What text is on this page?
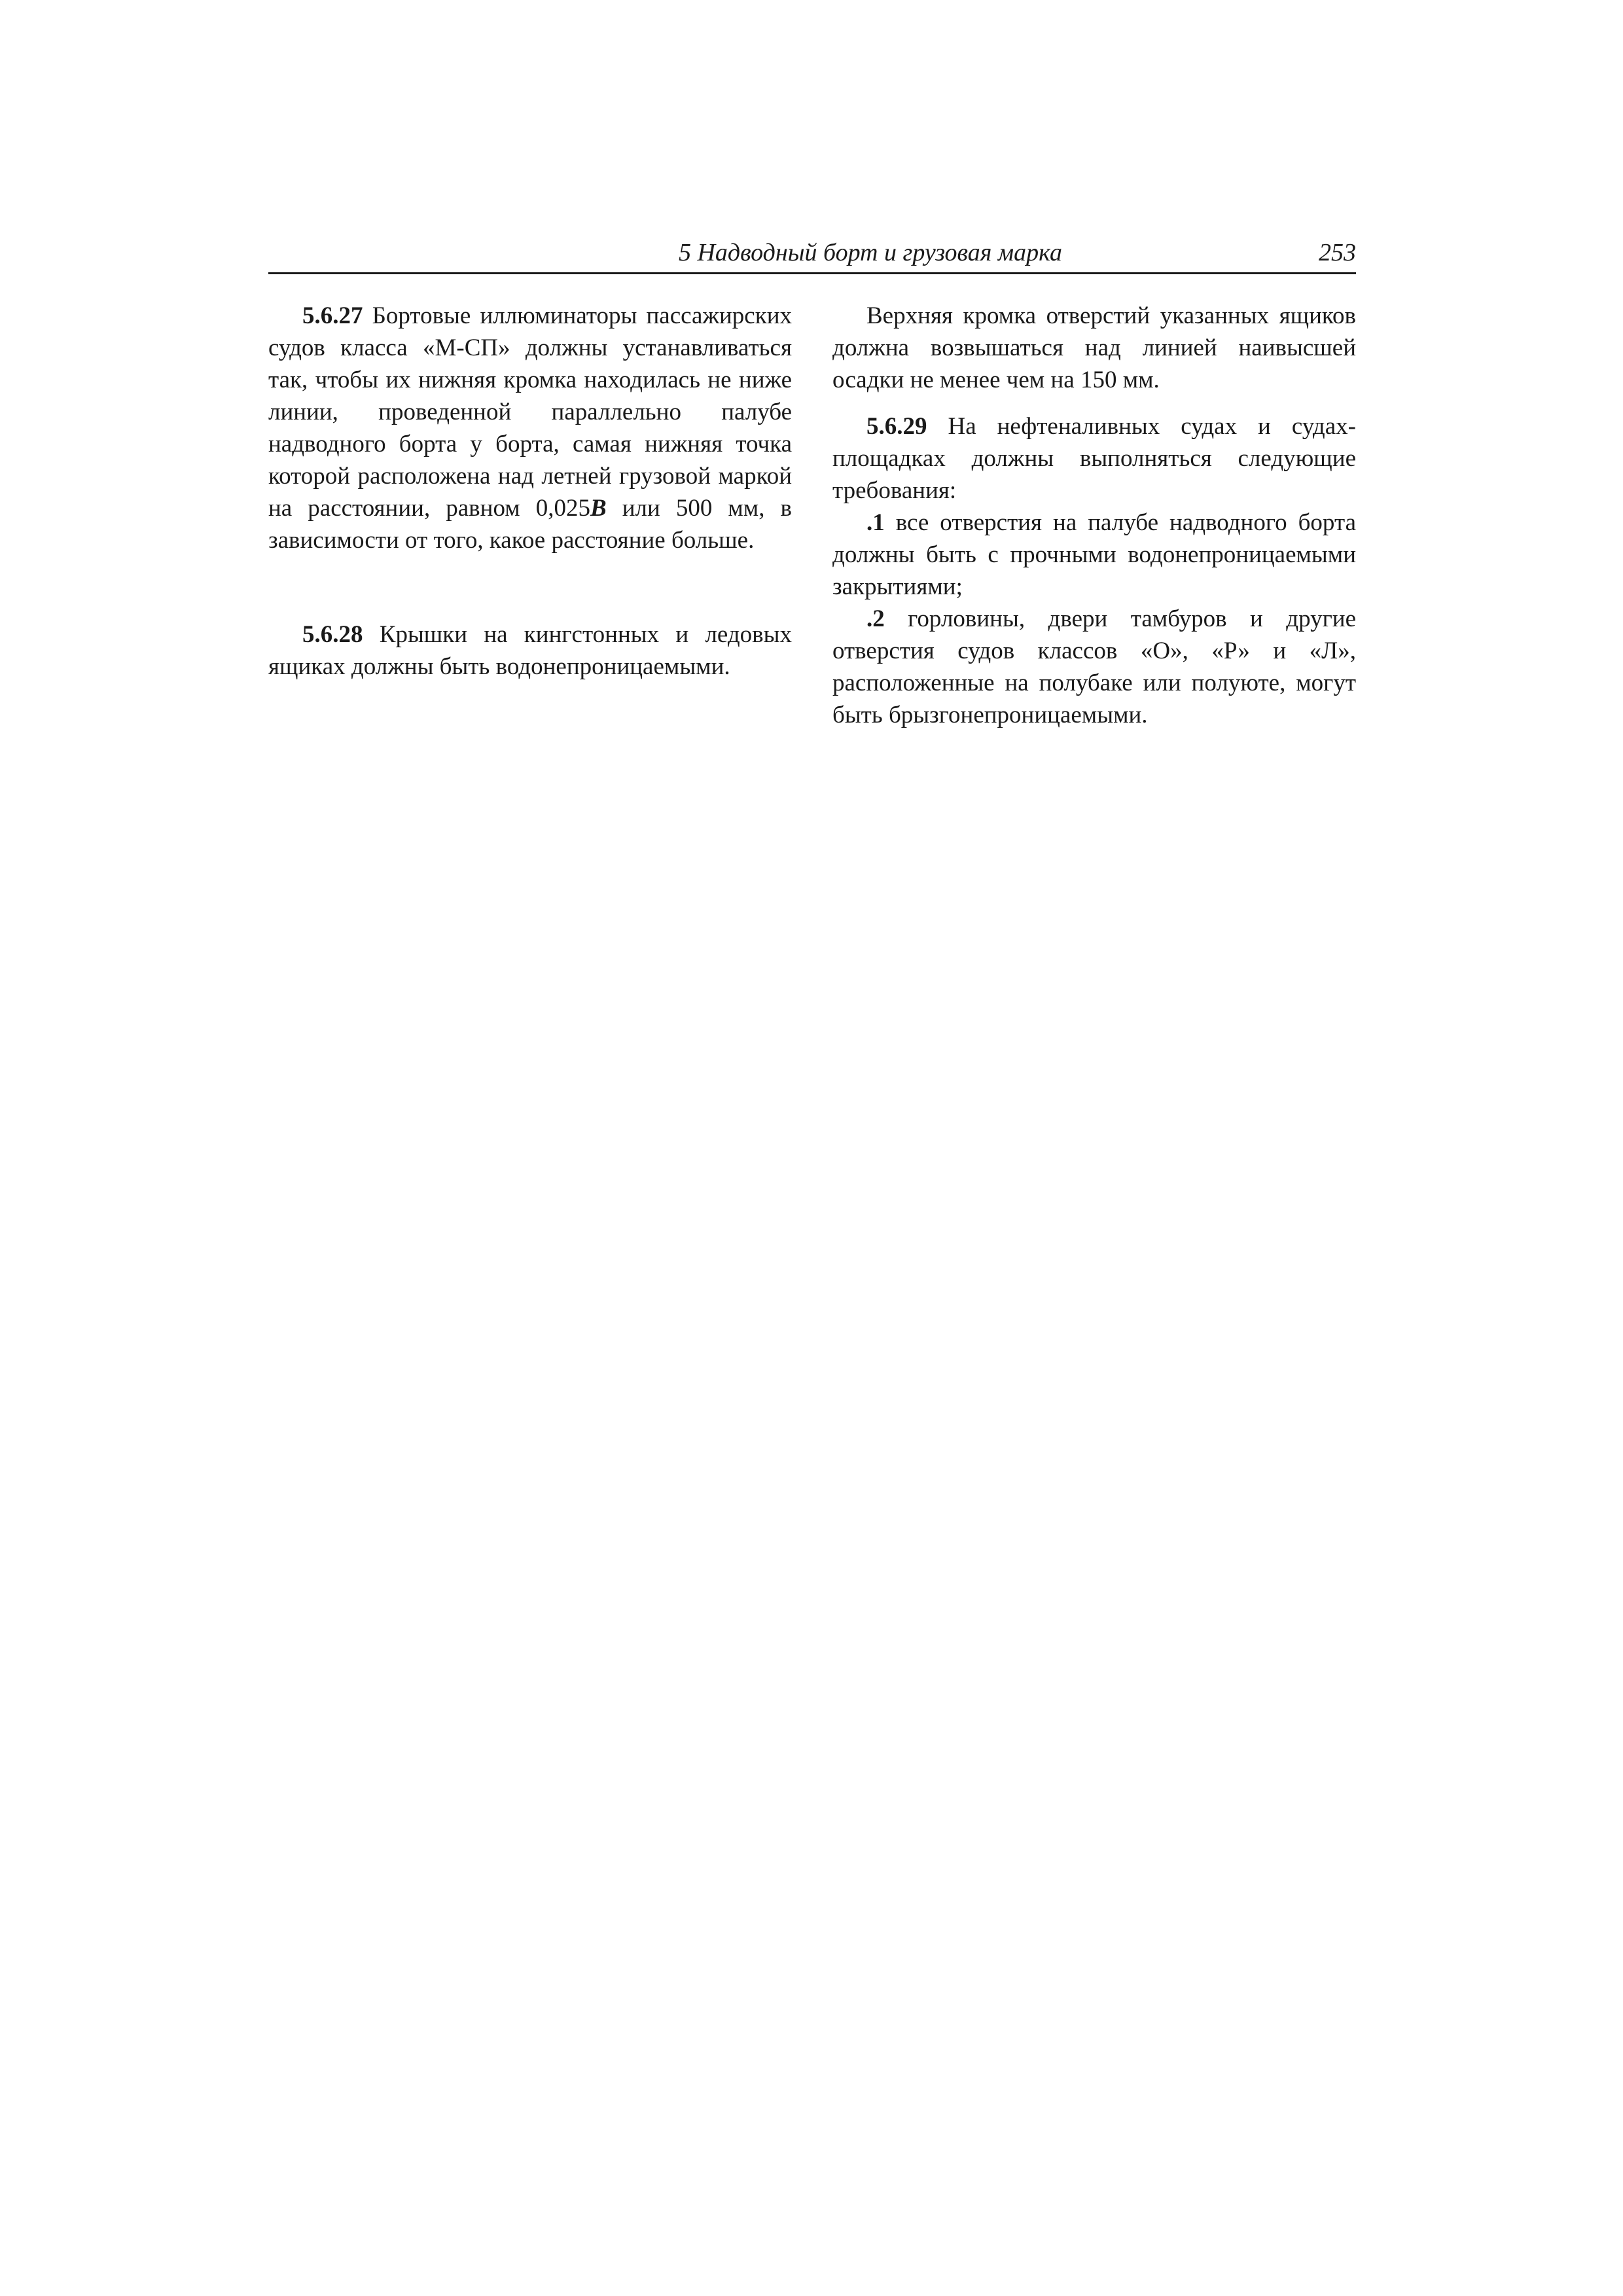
5 Надводный борт и грузовая марка	253

5.6.27 Бортовые иллюминаторы пассажирских судов класса «М-СП» должны устанавливаться так, чтобы их нижняя кромка находилась не ниже линии, проведенной параллельно палубе надводного борта у борта, самая нижняя точка которой расположена над летней грузовой маркой на расстоянии, равном 0,025B или 500 мм, в зависимости от того, какое расстояние больше.

5.6.28 Крышки на кингстонных и ледовых ящиках должны быть водонепроницаемыми.

Верхняя кромка отверстий указанных ящиков должна возвышаться над линией наивысшей осадки не менее чем на 150 мм.

5.6.29 На нефтеналивных судах и судах-площадках должны выполняться следующие требования:

.1 все отверстия на палубе надводного борта должны быть с прочными водонепроницаемыми закрытиями;

.2 горловины, двери тамбуров и другие отверстия судов классов «О», «Р» и «Л», расположенные на полубаке или полуюте, могут быть брызгонепроницаемыми.
